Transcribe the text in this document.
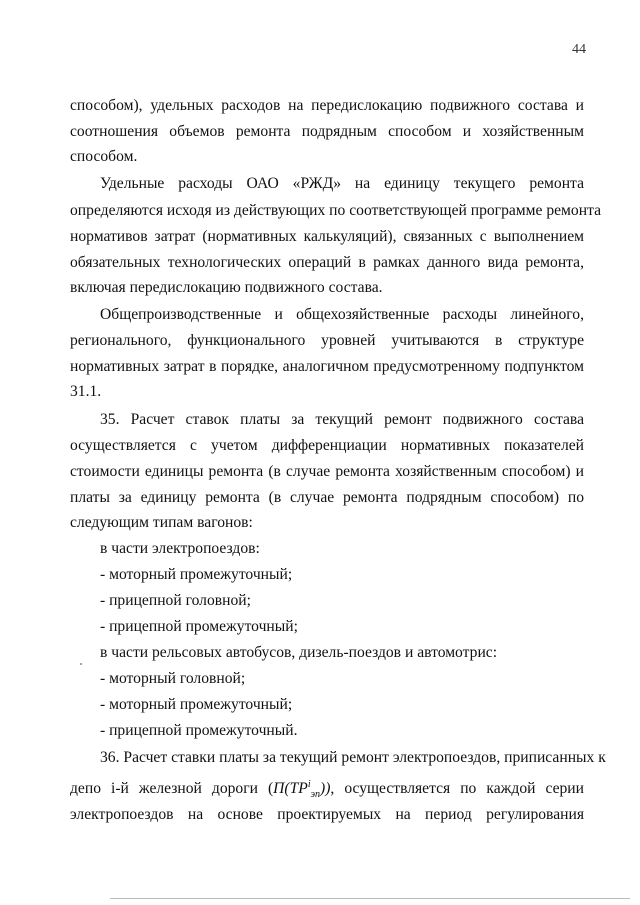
44
способом), удельных расходов на передислокацию подвижного состава и
соотношения объемов ремонта подрядным способом и хозяйственным
способом.
Удельные расходы ОАО «РЖД» на единицу текущего ремонта
определяются исходя из действующих по соответствующей программе ремонта
нормативов затрат (нормативных калькуляций), связанных с выполнением
обязательных технологических операций в рамках данного вида ремонта,
включая передислокацию подвижного состава.
Общепроизводственные и общехозяйственные расходы линейного,
регионального, функционального уровней учитываются в структуре
нормативных затрат в порядке, аналогичном предусмотренному подпунктом
31.1.
35. Расчет ставок платы за текущий ремонт подвижного состава
осуществляется с учетом дифференциации нормативных показателей
стоимости единицы ремонта (в случае ремонта хозяйственным способом) и
платы за единицу ремонта (в случае ремонта подрядным способом) по
следующим типам вагонов:
в части электропоездов:
- моторный промежуточный;
- прицепной головной;
- прицепной промежуточный;
в части рельсовых автобусов, дизель-поездов и автомотрис:
- моторный головной;
- моторный промежуточный;
- прицепной промежуточный.
36. Расчет ставки платы за текущий ремонт электропоездов, приписанных к
депо i-й железной дороги $(П(TP^i_{эп}))$, осуществляется по каждой серии
электропоездов на основе проектируемых на период регулирования
